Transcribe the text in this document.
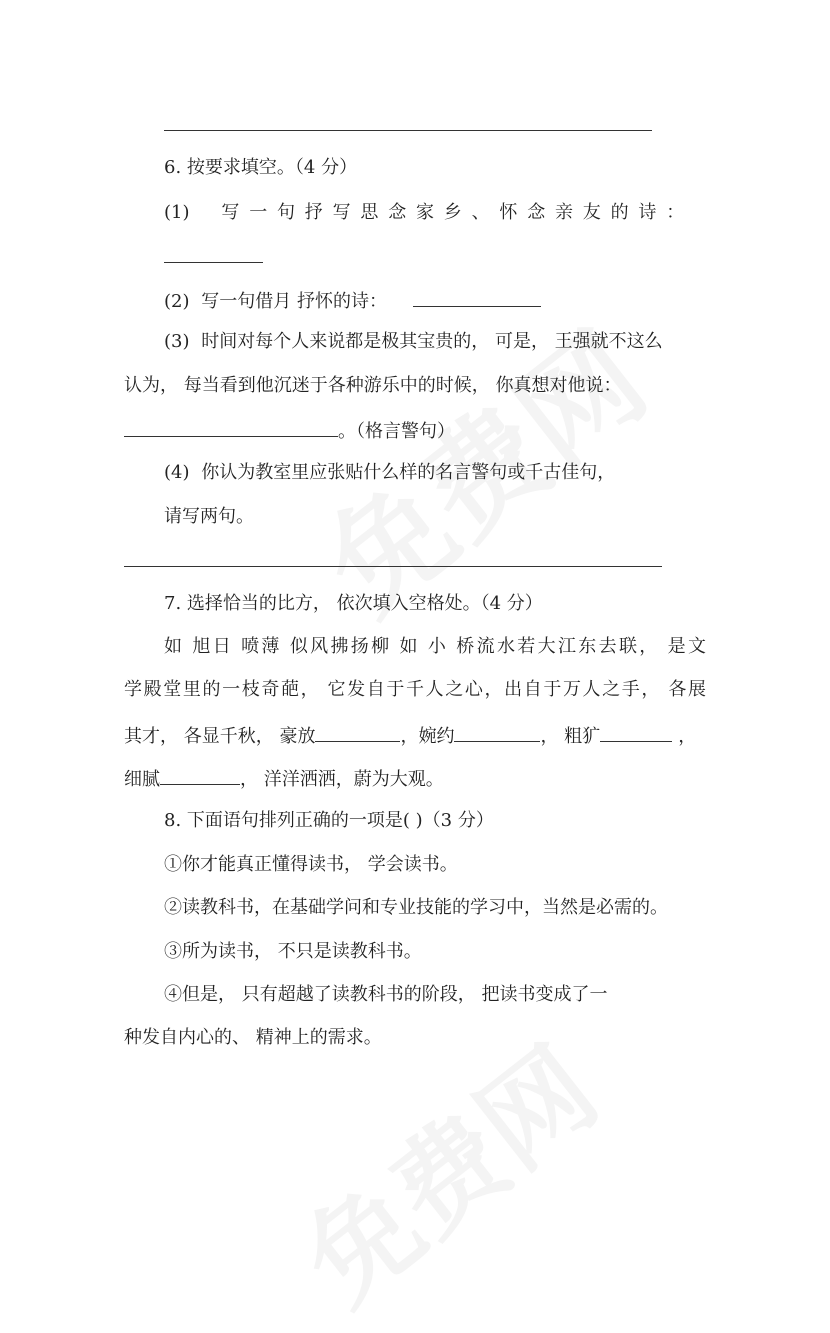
6. 按要求填空。（4 分）
(1) 写一句抒写思念家乡、怀念亲友的诗：
(2) 写一句借月 抒怀的诗：
(3) 时间对每个人来说都是极其宝贵的， 可是， 王强就不这么
认为， 每当看到他沉迷于各种游乐中的时候， 你真想对他说：
。（格言警句）
(4) 你认为教室里应张贴什么样的名言警句或千古佳句，
请写两句。
7. 选择恰当的比方， 依次填入空格处。（4 分）
如 旭日 喷薄 似风拂扬柳 如 小 桥流水若大江东去联， 是文
学殿堂里的一枝奇葩， 它发自于千人之心，出自于万人之手， 各展
其才， 各显千秋， 豪放	，婉约	， 粗犷	，
细腻	， 洋洋洒洒，蔚为大观。
8. 下面语句排列正确的一项是( )（3 分）
①你才能真正懂得读书， 学会读书。
②读教科书，在基础学问和专业技能的学习中，当然是必需的。
③所为读书， 不只是读教科书。
④但是， 只有超越了读教科书的阶段， 把读书变成了一
种发自内心的、 精神上的需求。
